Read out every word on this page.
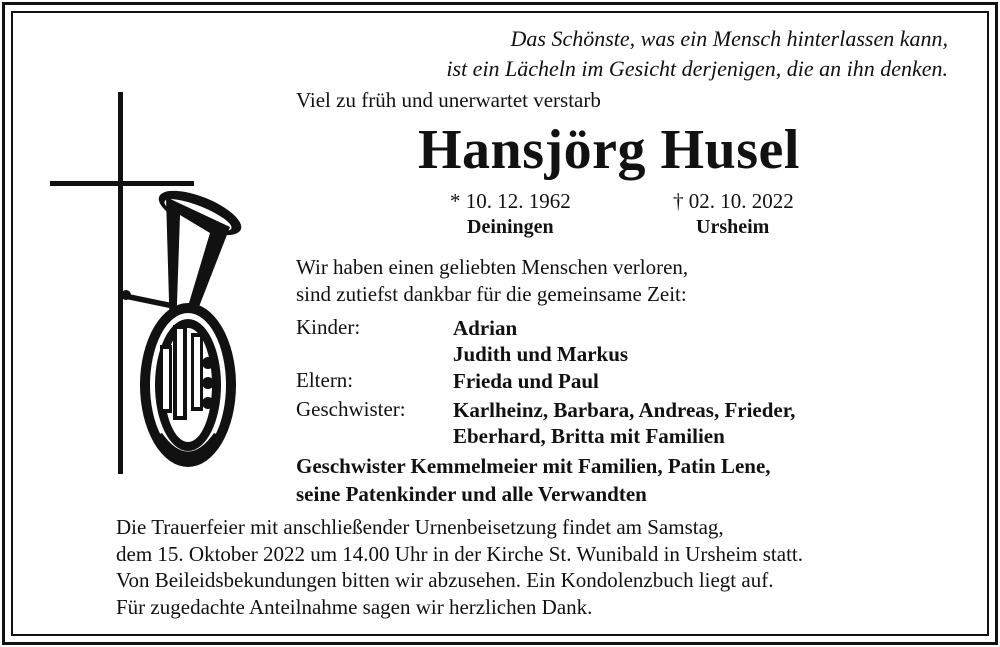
Das Schönste, was ein Mensch hinterlassen kann,
ist ein Lächeln im Gesicht derjenigen, die an ihn denken.
Viel zu früh und unerwartet verstarb
Hansjörg Husel
* 10. 12. 1962	† 02. 10. 2022
Deiningen	Ursheim
Wir haben einen geliebten Menschen verloren,
sind zutiefst dankbar für die gemeinsame Zeit:
Kinder:	Adrian
Judith und Markus
Eltern:	Frieda und Paul
Geschwister: Karlheinz, Barbara, Andreas, Frieder,
Eberhard, Britta mit Familien
Geschwister Kemmelmeier mit Familien, Patin Lene,
seine Patenkinder und alle Verwandten
Die Trauerfeier mit anschließender Urnenbeisetzung findet am Samstag,
dem 15. Oktober 2022 um 14.00 Uhr in der Kirche St. Wunibald in Ursheim statt.
Von Beileidsbekundungen bitten wir abzusehen. Ein Kondolenzbuch liegt auf.
Für zugedachte Anteilnahme sagen wir herzlichen Dank.
